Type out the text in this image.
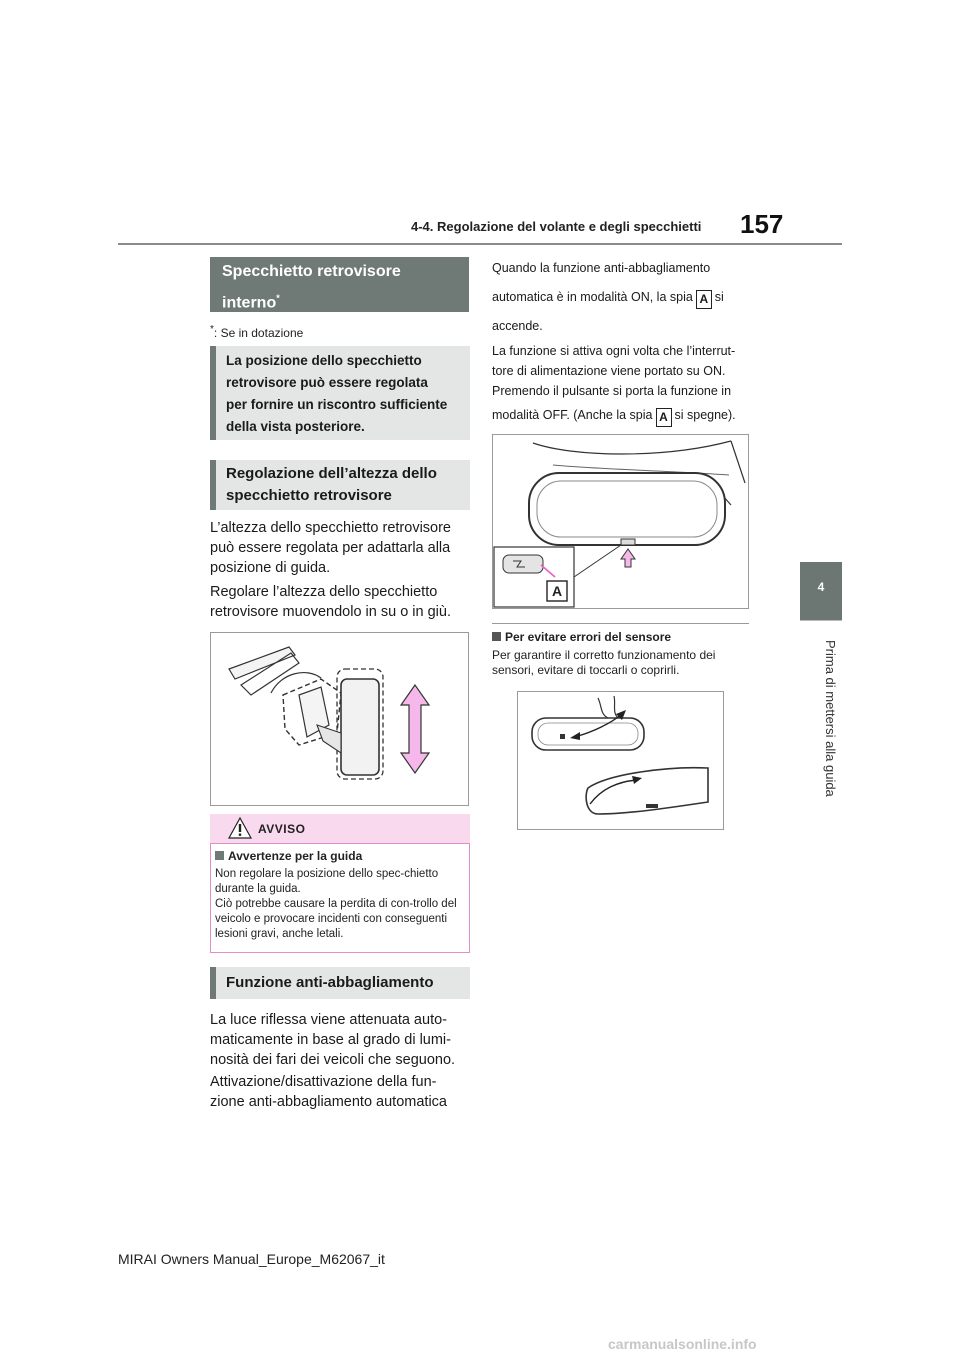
4-4. Regolazione del volante e degli specchietti 157
4
Prima di mettersi alla guida
Specchietto retrovisore interno*
*: Se in dotazione
La posizione dello specchietto
retrovisore può essere regolata
per fornire un riscontro sufficiente
della vista posteriore.
Regolazione dell’altezza dello
specchietto retrovisore
L’altezza dello specchietto retrovisore può essere regolata per adattarla alla posizione di guida.
Regolare l’altezza dello specchietto retrovisore muovendolo in su o in giù.
AVVISO
Avvertenze per la guida
Non regolare la posizione dello spec-chietto durante la guida.
Ciò potrebbe causare la perdita di con-trollo del veicolo e provocare incidenti con conseguenti lesioni gravi, anche letali.
Funzione anti-abbagliamento
La luce riflessa viene attenuata auto-maticamente in base al grado di lumi-nosità dei fari dei veicoli che seguono.
Attivazione/disattivazione della fun-zione anti-abbagliamento automatica
Quando la funzione anti-abbagliamento
automatica è in modalità ON, la spia A si
accende.
La funzione si attiva ogni volta che l’interrut-
tore di alimentazione viene portato su ON.
Premendo il pulsante si porta la funzione in
modalità OFF. (Anche la spia A si spegne).
A
Per evitare errori del sensore
Per garantire il corretto funzionamento dei sensori, evitare di toccarli o coprirli.
MIRAI Owners Manual_Europe_M62067_it
carmanualsonline.info
